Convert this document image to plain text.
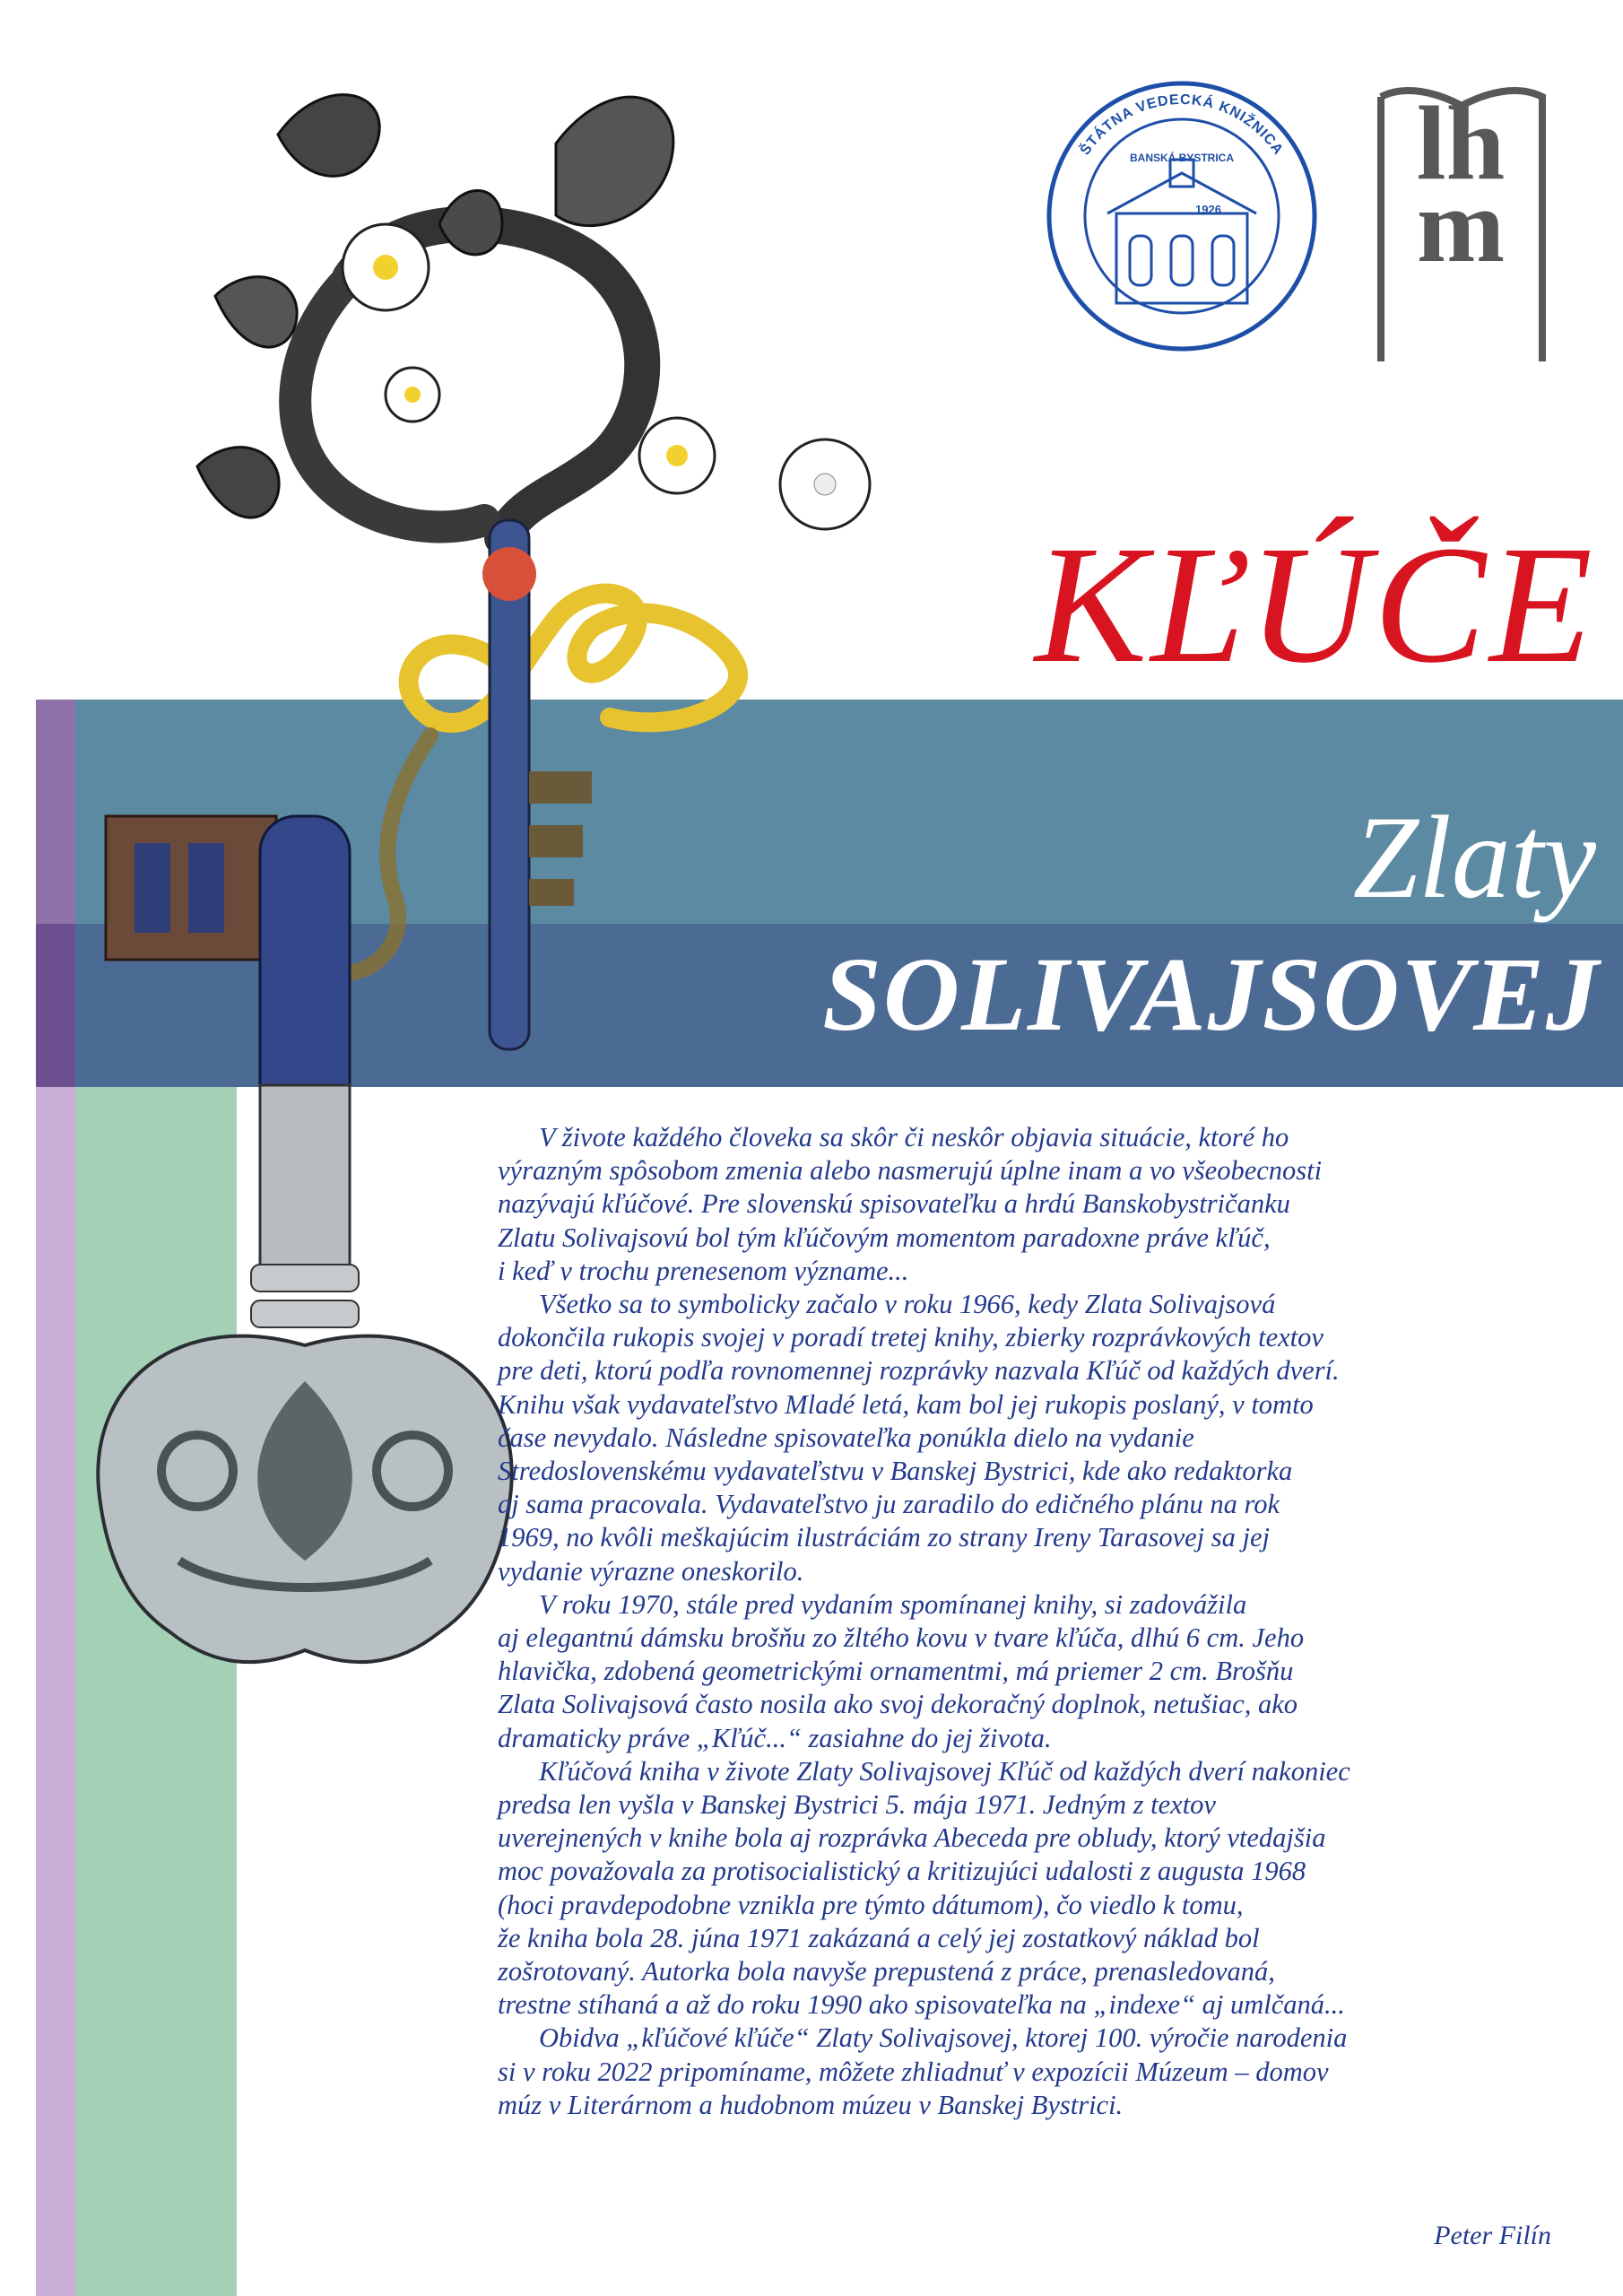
ŠTÁTNA VEDECKÁ KNIŽNICA
1926
BANSKÁ BYSTRICA lhm
KĽÚČE
Zlaty
SOLIVAJSOVEJ
V živote každého človeka sa skôr či neskôr objavia situácie, ktoré ho
výrazným spôsobom zmenia alebo nasmerujú úplne inam a vo všeobecnosti
nazývajú kľúčové. Pre slovenskú spisovateľku a hrdú Banskobystričanku
Zlatu Solivajsovú bol tým kľúčovým momentom paradoxne práve kľúč,
i keď v trochu prenesenom význame...
Všetko sa to symbolicky začalo v roku 1966, kedy Zlata Solivajsová
dokončila rukopis svojej v poradí tretej knihy, zbierky rozprávkových textov
pre deti, ktorú podľa rovnomennej rozprávky nazvala Kľúč od každých dverí.
Knihu však vydavateľstvo Mladé letá, kam bol jej rukopis poslaný, v tomto
čase nevydalo. Následne spisovateľka ponúkla dielo na vydanie
Stredoslovenskému vydavateľstvu v Banskej Bystrici, kde ako redaktorka
aj sama pracovala. Vydavateľstvo ju zaradilo do edičného plánu na rok
1969, no kvôli meškajúcim ilustráciám zo strany Ireny Tarasovej sa jej
vydanie výrazne oneskorilo.
V roku 1970, stále pred vydaním spomínanej knihy, si zadovážila
aj elegantnú dámsku brošňu zo žltého kovu v tvare kľúča, dlhú 6 cm. Jeho
hlavička, zdobená geometrickými ornamentmi, má priemer 2 cm. Brošňu
Zlata Solivajsová často nosila ako svoj dekoračný doplnok, netušiac, ako
dramaticky práve „Kľúč...“ zasiahne do jej života.
Kľúčová kniha v živote Zlaty Solivajsovej Kľúč od každých dverí nakoniec
predsa len vyšla v Banskej Bystrici 5. mája 1971. Jedným z textov
uverejnených v knihe bola aj rozprávka Abeceda pre obludy, ktorý vtedajšia
moc považovala za protisocialistický a kritizujúci udalosti z augusta 1968
(hoci pravdepodobne vznikla pre týmto dátumom), čo viedlo k tomu,
že kniha bola 28. júna 1971 zakázaná a celý jej zostatkový náklad bol
zošrotovaný. Autorka bola navyše prepustená z práce, prenasledovaná,
trestne stíhaná a až do roku 1990 ako spisovateľka na „indexe“ aj umlčaná...
Obidva „kľúčové kľúče“ Zlaty Solivajsovej, ktorej 100. výročie narodenia
si v roku 2022 pripomíname, môžete zhliadnuť v expozícii Múzeum – domov
múz v Literárnom a hudobnom múzeu v Banskej Bystrici.
Peter Filín
